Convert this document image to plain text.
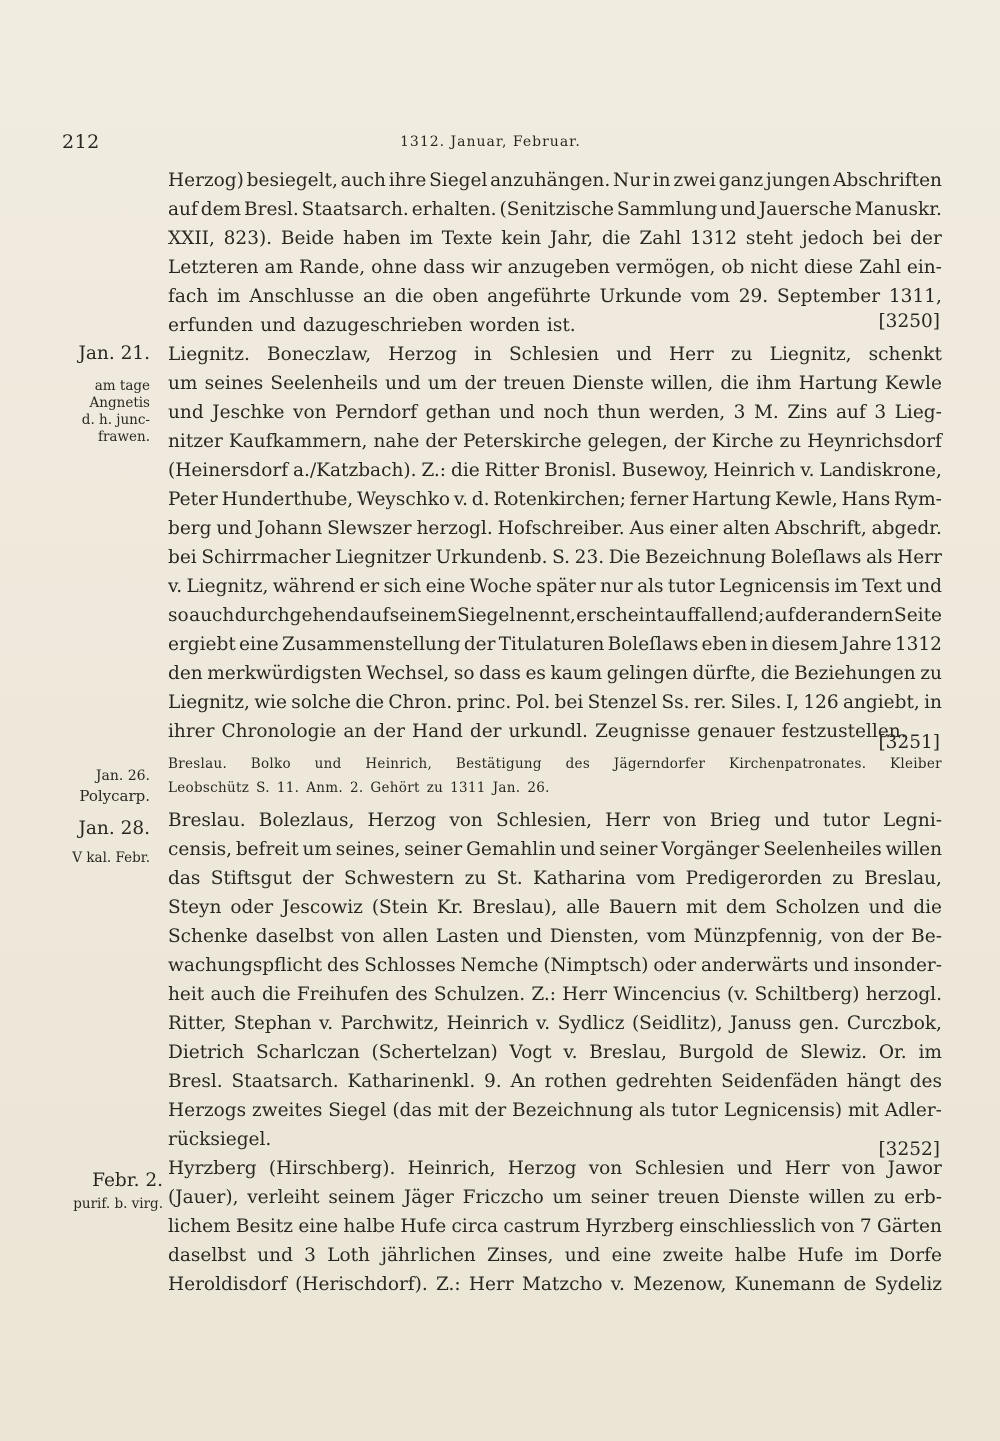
212	1312. Januar, Februar.
Jan. 21.
am tage
Angnetis
d. h. junc-
frawen.
Jan. 26.
Polycarp.
Jan. 28.
V kal. Febr.
Febr. 2.
purif. b. virg.
Herzog) besiegelt, auch ihre Siegel anzuhängen. Nur in zwei ganz jungen Abschriften
auf dem Bresl. Staatsarch. erhalten. (Senitzische Sammlung und Jauersche Manuskr.
XXII, 823). Beide haben im Texte kein Jahr, die Zahl 1312 steht jedoch bei der
Letzteren am Rande, ohne dass wir anzugeben vermögen, ob nicht diese Zahl ein-
fach im Anschlusse an die oben angeführte Urkunde vom 29. September 1311,
erfunden und dazugeschrieben worden ist.
Liegnitz. Boneczlaw, Herzog in Schlesien und Herr zu Liegnitz, schenkt
um seines Seelenheils und um der treuen Dienste willen, die ihm Hartung Kewle
und Jeschke von Perndorf gethan und noch thun werden, 3 M. Zins auf 3 Lieg-
nitzer Kaufkammern, nahe der Peterskirche gelegen, der Kirche zu Heynrichsdorf
(Heinersdorf a./Katzbach). Z.: die Ritter Bronisl. Busewoy, Heinrich v. Landiskrone,
Peter Hunderthube, Weyschko v. d. Rotenkirchen; ferner Hartung Kewle, Hans Rym-
berg und Johann Slewszer herzogl. Hofschreiber. Aus einer alten Abschrift, abgedr.
bei Schirrmacher Liegnitzer Urkundenb. S. 23. Die Bezeichnung Boleſlaws als Herr
v. Liegnitz, während er sich eine Woche später nur als tutor Legnicensis im Text und
so auch durchgehend auf seinem Siegel nennt, erscheint auffallend; auf der andern Seite
ergiebt eine Zusammenstellung der Titulaturen Boleſlaws eben in diesem Jahre 1312
den merkwürdigsten Wechsel, so dass es kaum gelingen dürfte, die Beziehungen zu
Liegnitz, wie solche die Chron. princ. Pol. bei Stenzel Ss. rer. Siles. I, 126 angiebt, in
ihrer Chronologie an der Hand der urkundl. Zeugnisse genauer festzustellen.
Breslau. Bolko und Heinrich, Bestätigung des Jägerndorfer Kirchenpatronates. Kleiber
Leobschütz S. 11. Anm. 2. Gehört zu 1311 Jan. 26.
Breslau. Bolezlaus, Herzog von Schlesien, Herr von Brieg und tutor Legni-
censis, befreit um seines, seiner Gemahlin und seiner Vorgänger Seelenheiles willen
das Stiftsgut der Schwestern zu St. Katharina vom Predigerorden zu Breslau,
Steyn oder Jescowiz (Stein Kr. Breslau), alle Bauern mit dem Scholzen und die
Schenke daselbst von allen Lasten und Diensten, vom Münzpfennig, von der Be-
wachungspflicht des Schlosses Nemche (Nimptsch) oder anderwärts und insonder-
heit auch die Freihufen des Schulzen. Z.: Herr Wincencius (v. Schiltberg) herzogl.
Ritter, Stephan v. Parchwitz, Heinrich v. Sydlicz (Seidlitz), Januss gen. Curczbok,
Dietrich Scharlczan (Schertelzan) Vogt v. Breslau, Burgold de Slewiz. Or. im
Bresl. Staatsarch. Katharinenkl. 9. An rothen gedrehten Seidenfäden hängt des
Herzogs zweites Siegel (das mit der Bezeichnung als tutor Legnicensis) mit Adler-
rücksiegel.
Hyrzberg (Hirschberg). Heinrich, Herzog von Schlesien und Herr von Jawor
(Jauer), verleiht seinem Jäger Friczcho um seiner treuen Dienste willen zu erb-
lichem Besitz eine halbe Hufe circa castrum Hyrzberg einschliesslich von 7 Gärten
daselbst und 3 Loth jährlichen Zinses, und eine zweite halbe Hufe im Dorfe
Heroldisdorf (Herischdorf). Z.: Herr Matzcho v. Mezenow, Kunemann de Sydeliz
[3250]
[3251]
[3252]
